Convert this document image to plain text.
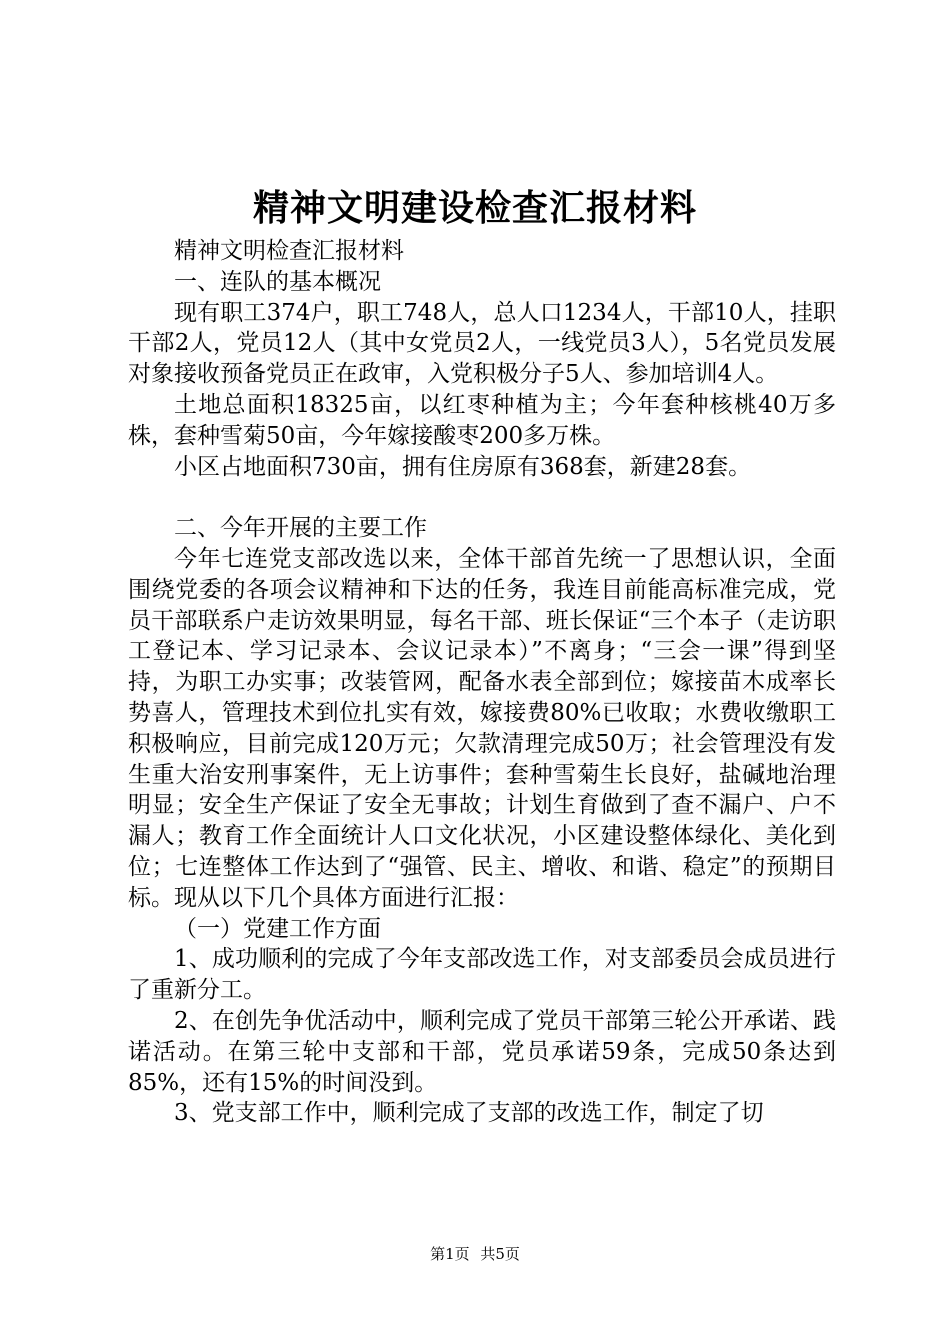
精神文明建设检查汇报材料

精神文明检查汇报材料

一、连队的基本概况

现有职工374户，职工748人，总人口1234人，干部10人，挂职干部2人，党员12人（其中女党员2人，一线党员3人），5名党员发展对象接收预备党员正在政审，入党积极分子5人、参加培训4人。

土地总面积18325亩，以红枣种植为主；今年套种核桃40万多株，套种雪菊50亩，今年嫁接酸枣200多万株。

小区占地面积730亩，拥有住房原有368套，新建28套。

二、今年开展的主要工作

今年七连党支部改选以来，全体干部首先统一了思想认识，全面围绕党委的各项会议精神和下达的任务，我连目前能高标准完成，党员干部联系户走访效果明显，每名干部、班长保证“三个本子（走访职工登记本、学习记录本、会议记录本）”不离身；“三会一课”得到坚持，为职工办实事；改装管网，配备水表全部到位；嫁接苗木成率长势喜人，管理技术到位扎实有效，嫁接费80%已收取；水费收缴职工积极响应，目前完成120万元；欠款清理完成50万；社会管理没有发生重大治安刑事案件，无上访事件；套种雪菊生长良好，盐碱地治理明显；安全生产保证了安全无事故；计划生育做到了查不漏户、户不漏人；教育工作全面统计人口文化状况，小区建设整体绿化、美化到位；七连整体工作达到了“强管、民主、增收、和谐、稳定”的预期目标。现从以下几个具体方面进行汇报：

（一）党建工作方面

1、成功顺利的完成了今年支部改选工作，对支部委员会成员进行了重新分工。

2、在创先争优活动中，顺利完成了党员干部第三轮公开承诺、践诺活动。在第三轮中支部和干部，党员承诺59条，完成50条达到85%，还有15%的时间没到。

3、党支部工作中，顺利完成了支部的改选工作，制定了切

第1页 共5页
